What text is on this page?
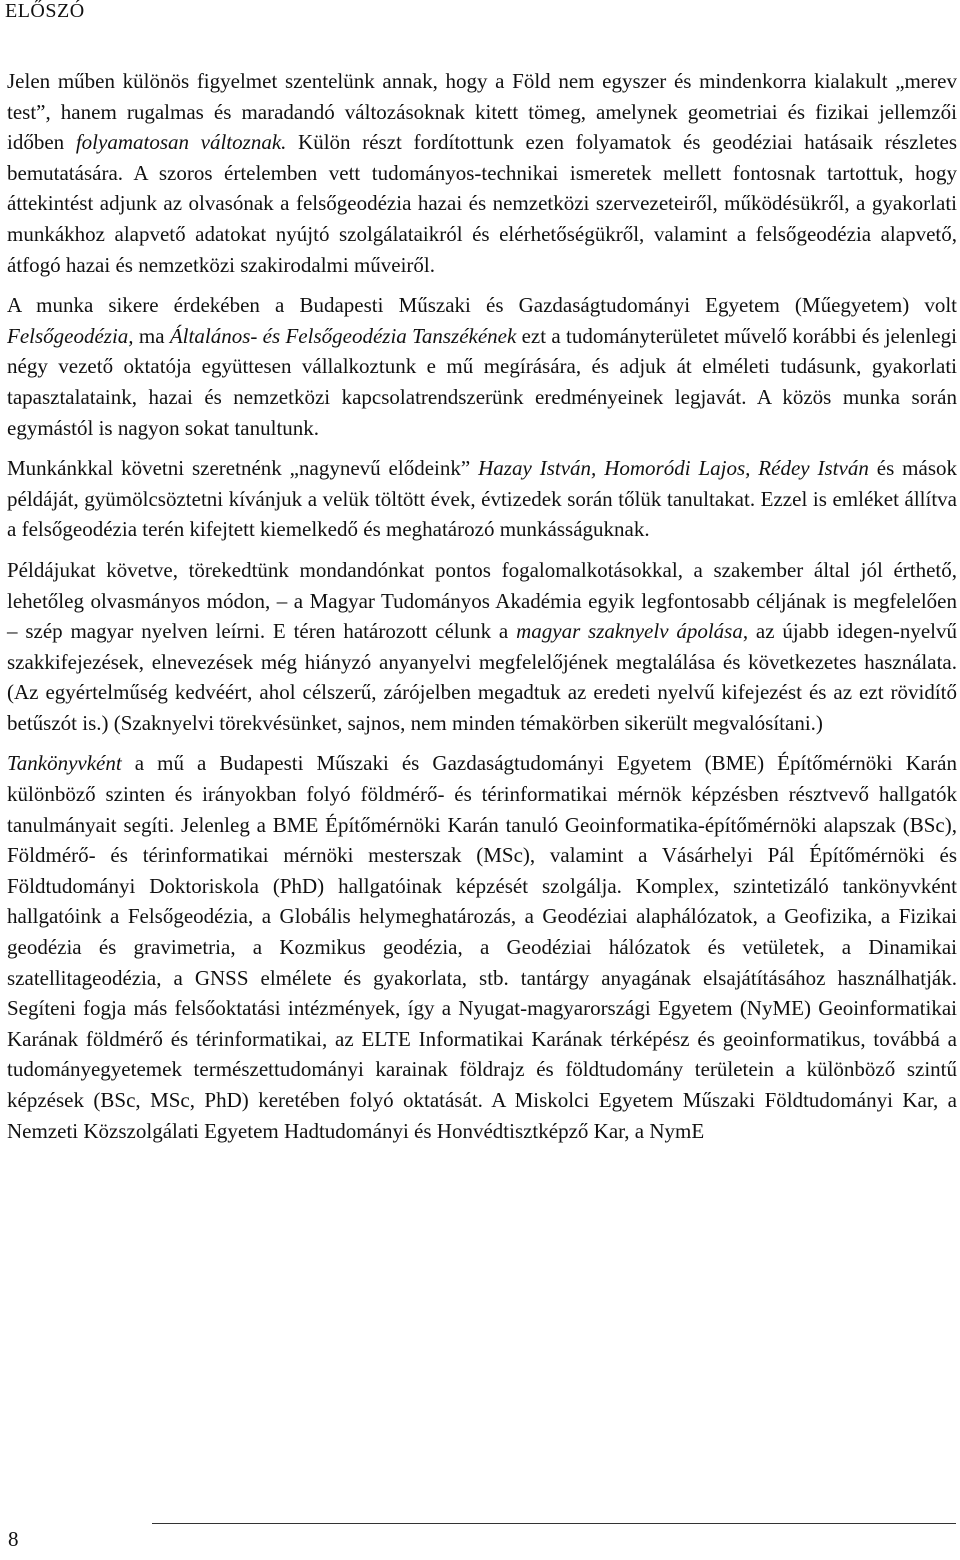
ELŐSZÓ

Jelen műben különös figyelmet szentelünk annak, hogy a Föld nem egyszer és mindenkorra kialakult „merev test”, hanem rugalmas és maradandó változásoknak kitett tömeg, amelynek geometriai és fizikai jellemzői időben folyamatosan változnak. Külön részt fordítottunk ezen folyamatok és geodéziai hatásaik részletes bemutatására. A szoros értelemben vett tudományos-technikai ismeretek mellett fontosnak tartottuk, hogy áttekintést adjunk az olvasónak a felsőgeodézia hazai és nemzetközi szervezeteiről, működésükről, a gyakorlati munkákhoz alapvető adatokat nyújtó szolgálataikról és elérhetőségükről, valamint a felsőgeodézia alapvető, átfogó hazai és nemzetközi szakirodalmi műveiről.

A munka sikere érdekében a Budapesti Műszaki és Gazdaságtudományi Egyetem (Műegyetem) volt Felsőgeodézia, ma Általános- és Felsőgeodézia Tanszékének ezt a tudományterületet művelő korábbi és jelenlegi négy vezető oktatója együttesen vállalkoztunk e mű megírására, és adjuk át elméleti tudásunk, gyakorlati tapasztalataink, hazai és nemzetközi kapcsolatrendszerünk eredményeinek legjavát. A közös munka során egymástól is nagyon sokat tanultunk.

Munkánkkal követni szeretnénk „nagynevű elődeink” Hazay István, Homoródi Lajos, Rédey István és mások példáját, gyümölcsöztetni kívánjuk a velük töltött évek, évtizedek során tőlük tanultakat. Ezzel is emléket állítva a felsőgeodézia terén kifejtett kiemelkedő és meghatározó munkásságuknak.

Példájukat követve, törekedtünk mondandónkat pontos fogalomalkotásokkal, a szakember által jól érthető, lehetőleg olvasmányos módon, – a Magyar Tudományos Akadémia egyik legfontosabb céljának is megfelelően – szép magyar nyelven leírni. E téren határozott célunk a magyar szaknyelv ápolása, az újabb idegen-nyelvű szakkifejezések, elnevezések még hiányzó anyanyelvi megfelelőjének megtalálása és következetes használata. (Az egyértelműség kedvéért, ahol célszerű, zárójelben megadtuk az eredeti nyelvű kifejezést és az ezt rövidítő betűszót is.) (Szaknyelvi törekvésünket, sajnos, nem minden témakörben sikerült megvalósítani.)

Tankönyvként a mű a Budapesti Műszaki és Gazdaságtudományi Egyetem (BME) Építőmérnöki Karán különböző szinten és irányokban folyó földmérő- és térinformatikai mérnök képzésben résztvevő hallgatók tanulmányait segíti. Jelenleg a BME Építőmérnöki Karán tanuló Geoinformatika-építőmérnöki alapszak (BSc), Földmérő- és térinformatikai mérnöki mesterszak (MSc), valamint a Vásárhelyi Pál Építőmérnöki és Földtudományi Doktoriskola (PhD) hallgatóinak képzését szolgálja. Komplex, szintetizáló tankönyvként hallgatóink a Felsőgeodézia, a Globális helymeghatározás, a Geodéziai alaphálózatok, a Geofizika, a Fizikai geodézia és gravimetria, a Kozmikus geodézia, a Geodéziai hálózatok és vetületek, a Dinamikai szatellitageodézia, a GNSS elmélete és gyakorlata, stb. tantárgy anyagának elsajátításához használhatják. Segíteni fogja más felsőoktatási intézmények, így a Nyugat-magyarországi Egyetem (NyME) Geoinformatikai Karának földmérő és térinformatikai, az ELTE Informatikai Karának térképész és geoinformatikus, továbbá a tudományegyetemek természettudományi karainak földrajz és földtudomány területein a különböző szintű képzések (BSc, MSc, PhD) keretében folyó oktatását. A Miskolci Egyetem Műszaki Földtudományi Kar, a Nemzeti Közszolgálati Egyetem Hadtudományi és Honvédtisztképző Kar, a NymE

8
